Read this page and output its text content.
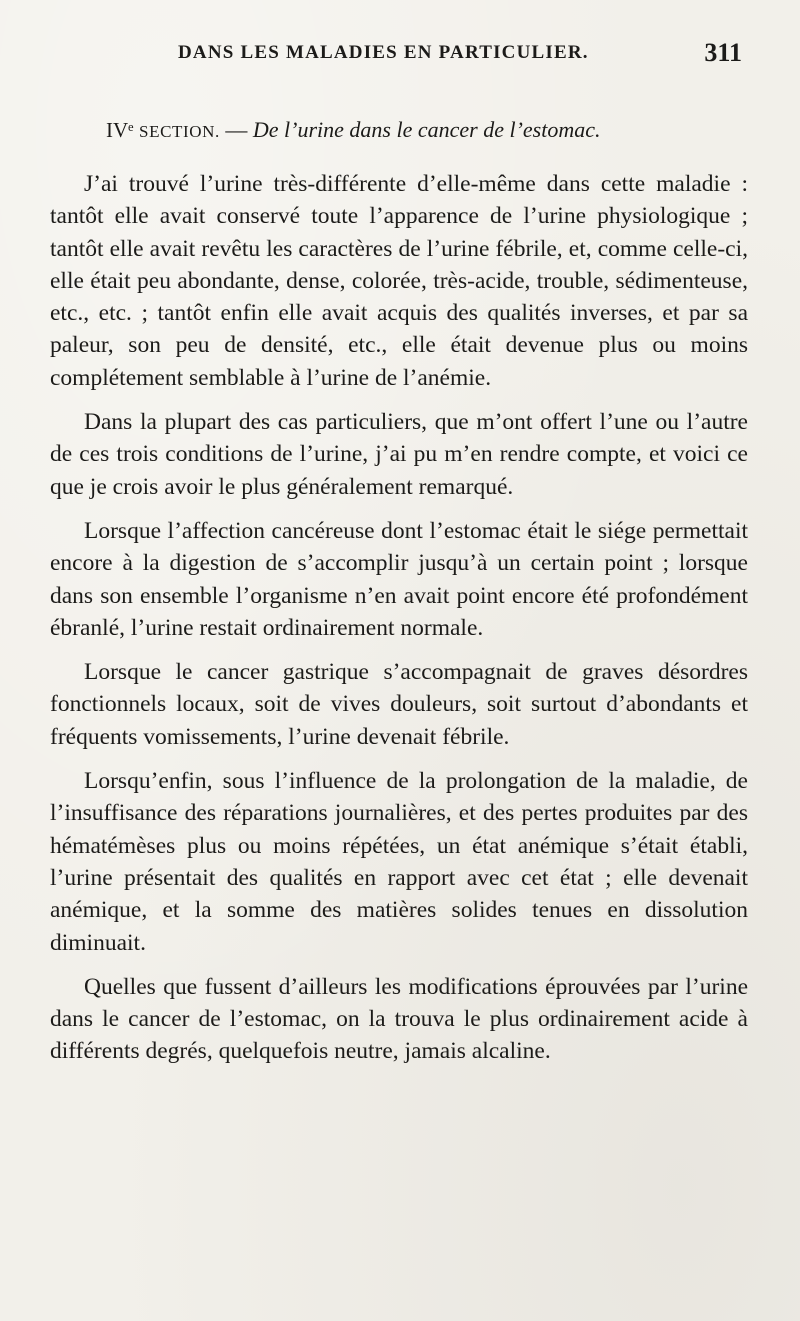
DANS LES MALADIES EN PARTICULIER.	311
IVᵉ SECTION. — De l’urine dans le cancer de l’estomac.

J’ai trouvé l’urine très-différente d’elle-même dans cette maladie : tantôt elle avait conservé toute l’apparence de l’urine physiologique ; tantôt elle avait revêtu les caractères de l’urine fébrile, et, comme celle-ci, elle était peu abondante, dense, colorée, très-acide, trouble, sédimenteuse, etc., etc. ; tantôt enfin elle avait acquis des qualités inverses, et par sa paleur, son peu de densité, etc., elle était devenue plus ou moins complétement semblable à l’urine de l’anémie.

Dans la plupart des cas particuliers, que m’ont offert l’une ou l’autre de ces trois conditions de l’urine, j’ai pu m’en rendre compte, et voici ce que je crois avoir le plus généralement remarqué.

Lorsque l’affection cancéreuse dont l’estomac était le siége permettait encore à la digestion de s’accomplir jusqu’à un certain point ; lorsque dans son ensemble l’organisme n’en avait point encore été profondément ébranlé, l’urine restait ordinairement normale.

Lorsque le cancer gastrique s’accompagnait de graves désordres fonctionnels locaux, soit de vives douleurs, soit surtout d’abondants et fréquents vomissements, l’urine devenait fébrile.

Lorsqu’enfin, sous l’influence de la prolongation de la maladie, de l’insuffisance des réparations journalières, et des pertes produites par des hématémèses plus ou moins répétées, un état anémique s’était établi, l’urine présentait des qualités en rapport avec cet état ; elle devenait anémique, et la somme des matières solides tenues en dissolution diminuait.

Quelles que fussent d’ailleurs les modifications éprouvées par l’urine dans le cancer de l’estomac, on la trouva le plus ordinairement acide à différents degrés, quelquefois neutre, jamais alcaline.
